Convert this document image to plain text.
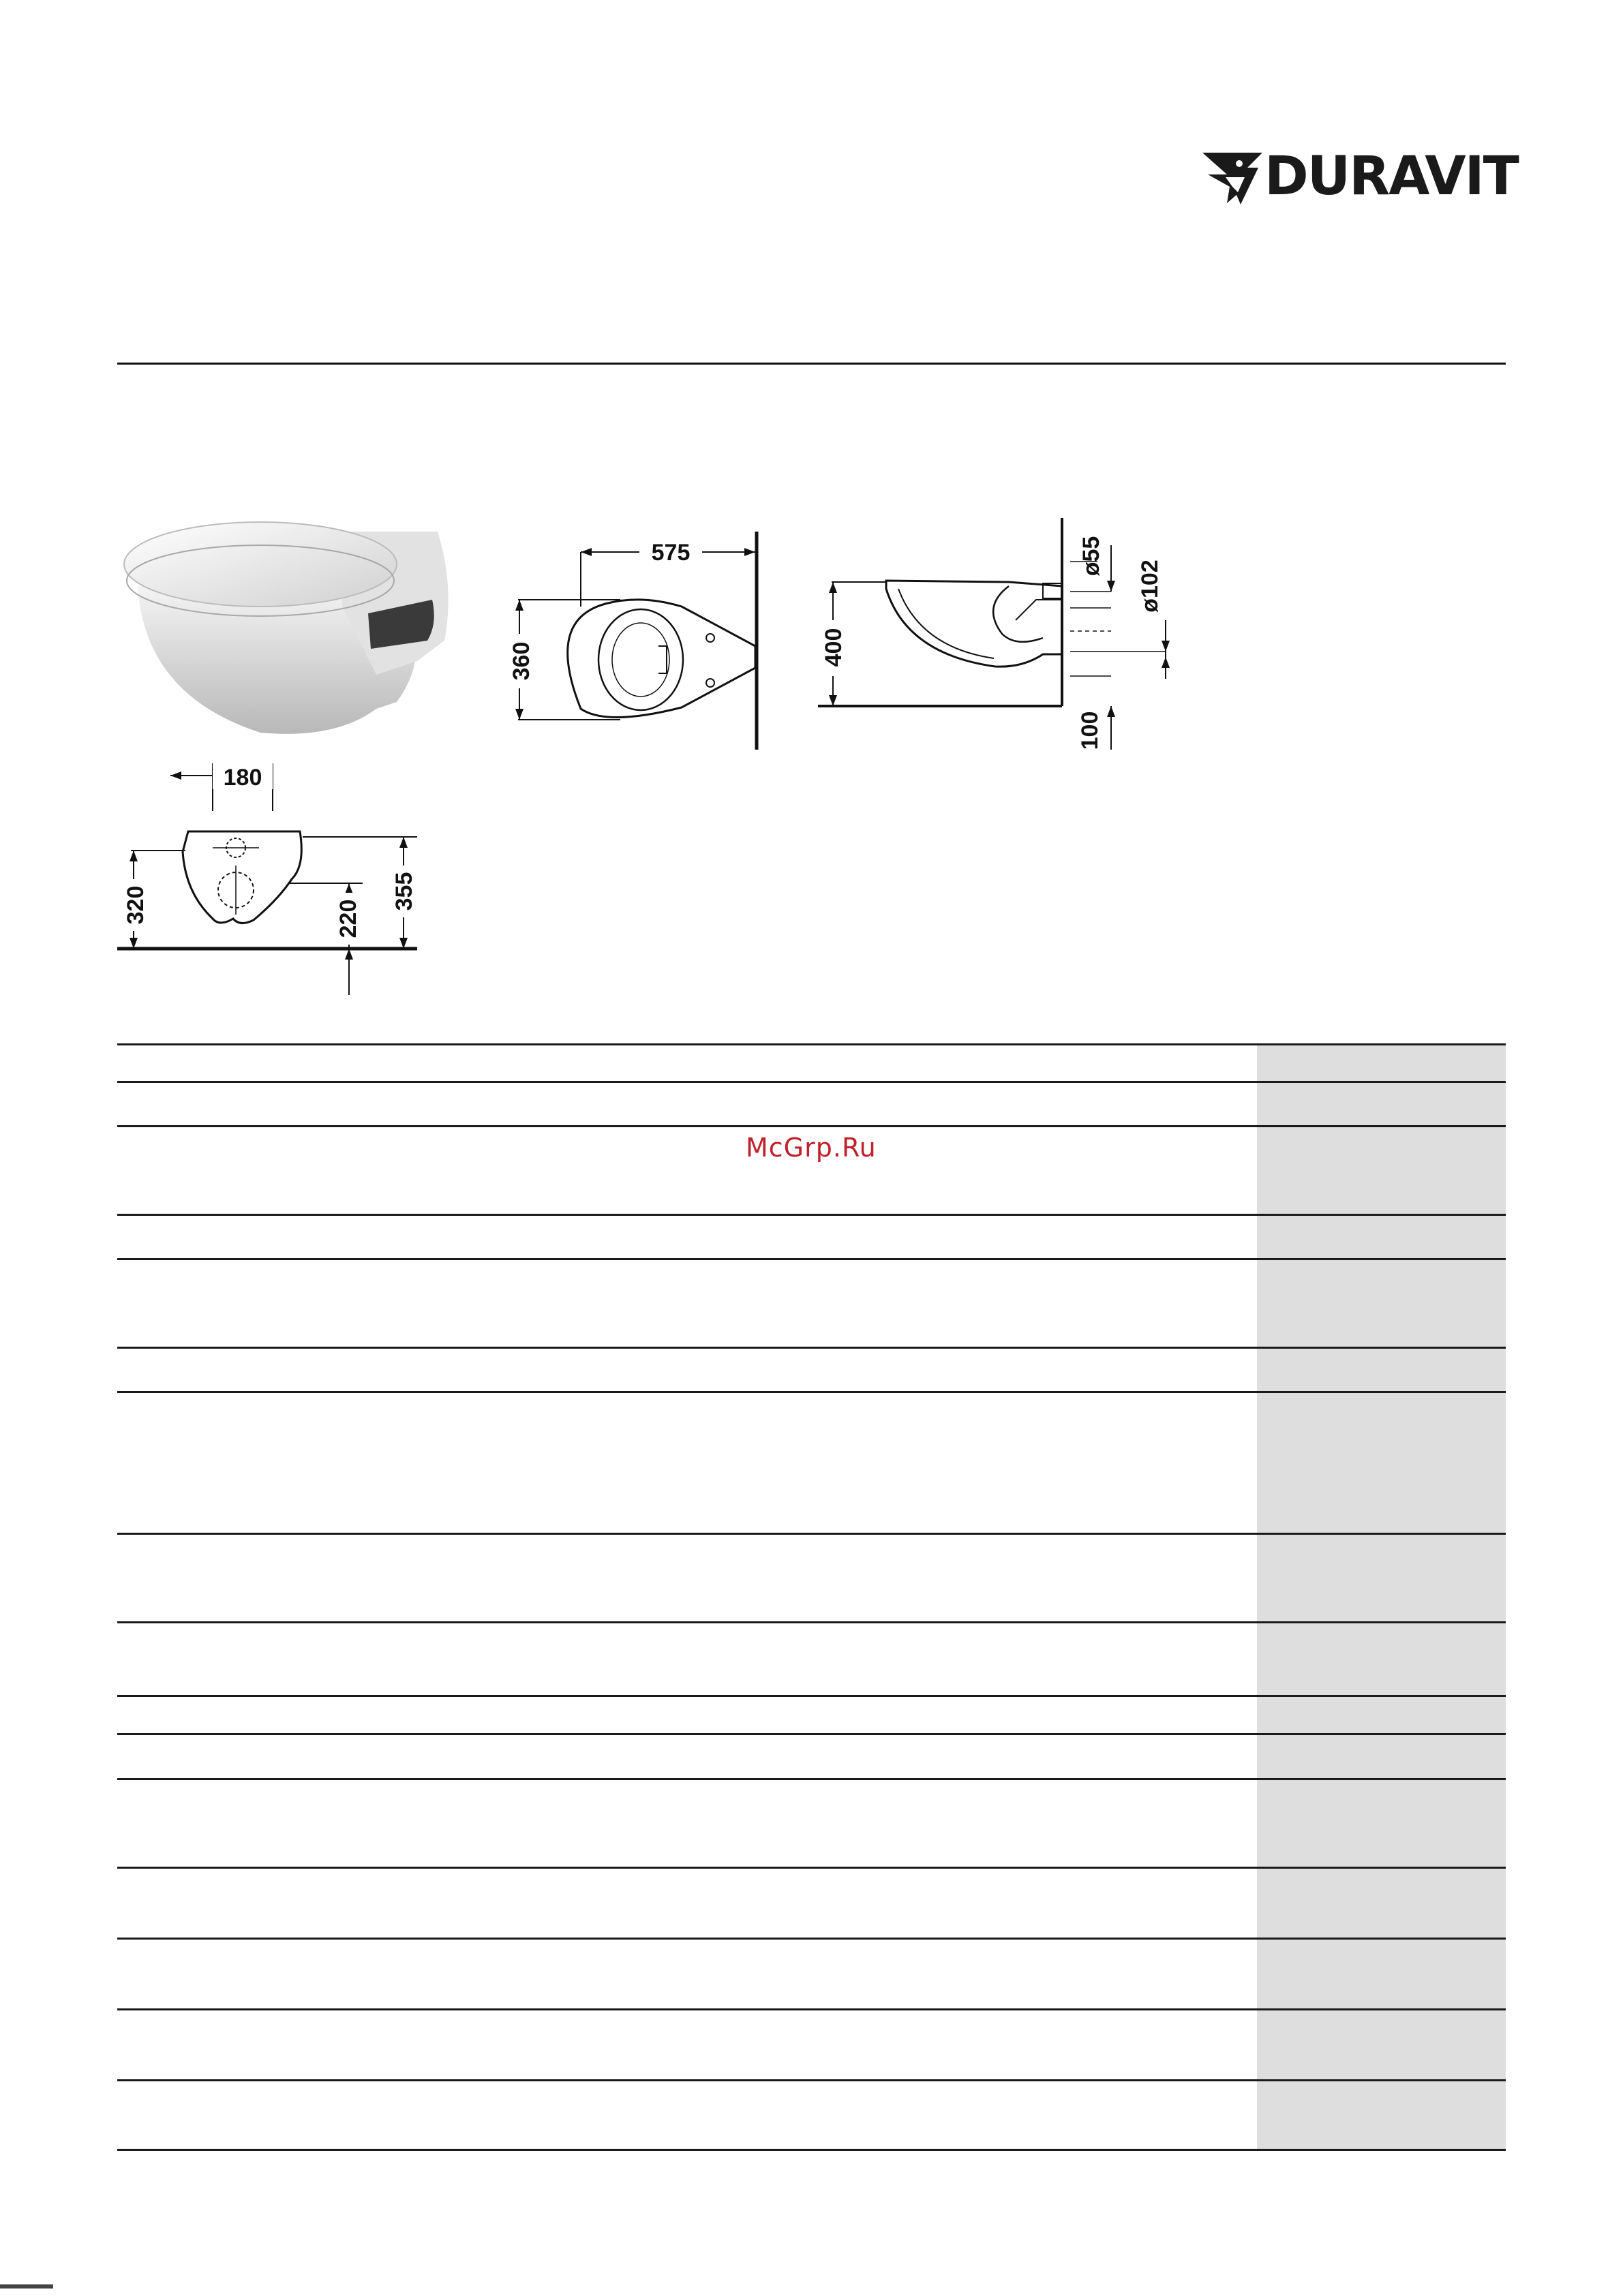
DURAVIT
575
360	400
ø55
ø102
100
180
320	220
355
McGrp.Ru
